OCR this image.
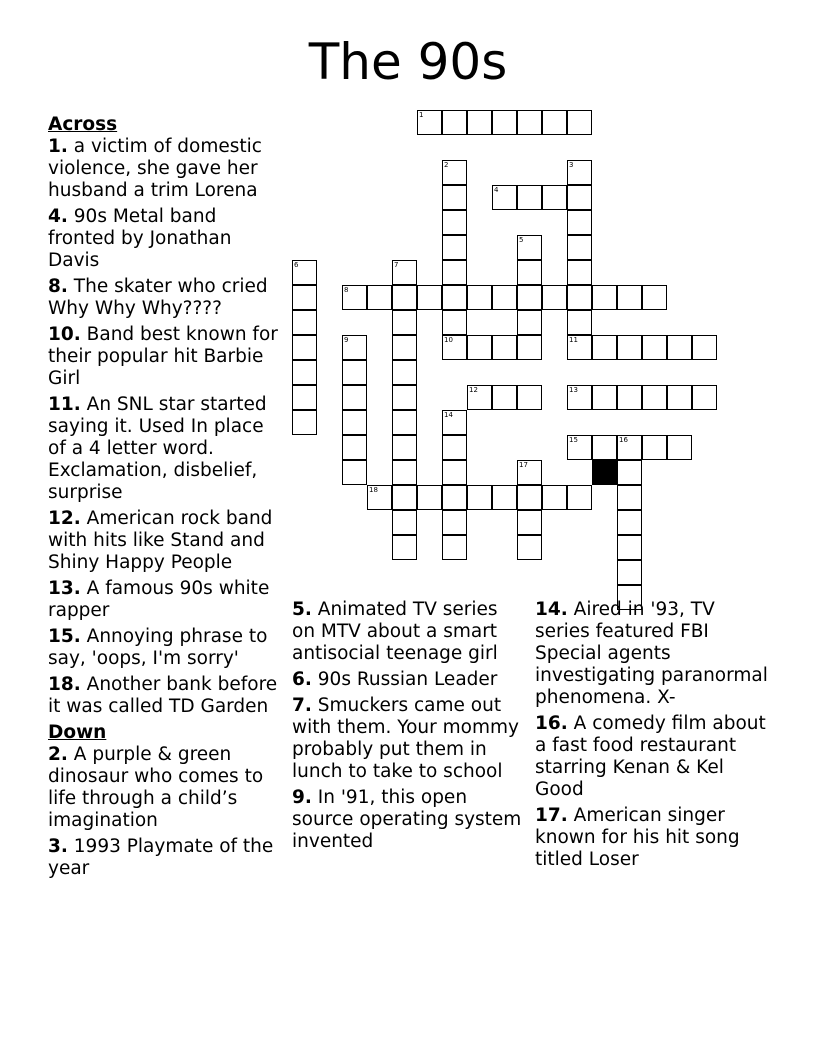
The 90s
1
2	3
4
5
6	7
8
9	10	11
12	13
14
15	16
17
18
Across
1. a victim of domestic violence, she gave her husband a trim Lorena
4. 90s Metal band fronted by Jonathan Davis
8. The skater who cried Why Why Why????
10. Band best known for their popular hit Barbie Girl
11. An SNL star started saying it. Used In place of a 4 letter word. Exclamation, disbelief, surprise
12. American rock band with hits like Stand and Shiny Happy People
13. A famous 90s white rapper
15. Annoying phrase to say, 'oops, I'm sorry'
18. Another bank before it was called TD Garden
Down
2. A purple & green dinosaur who comes to life through a child’s imagination
3. 1993 Playmate of the year
5. Animated TV series on MTV about a smart antisocial teenage girl
6. 90s Russian Leader
7. Smuckers came out with them. Your mommy probably put them in lunch to take to school
9. In '91, this open source operating system invented
14. Aired in '93, TV series featured FBI Special agents investigating paranormal phenomena. X-
16. A comedy film about a fast food restaurant starring Kenan & Kel Good
17. American singer known for his hit song titled Loser
